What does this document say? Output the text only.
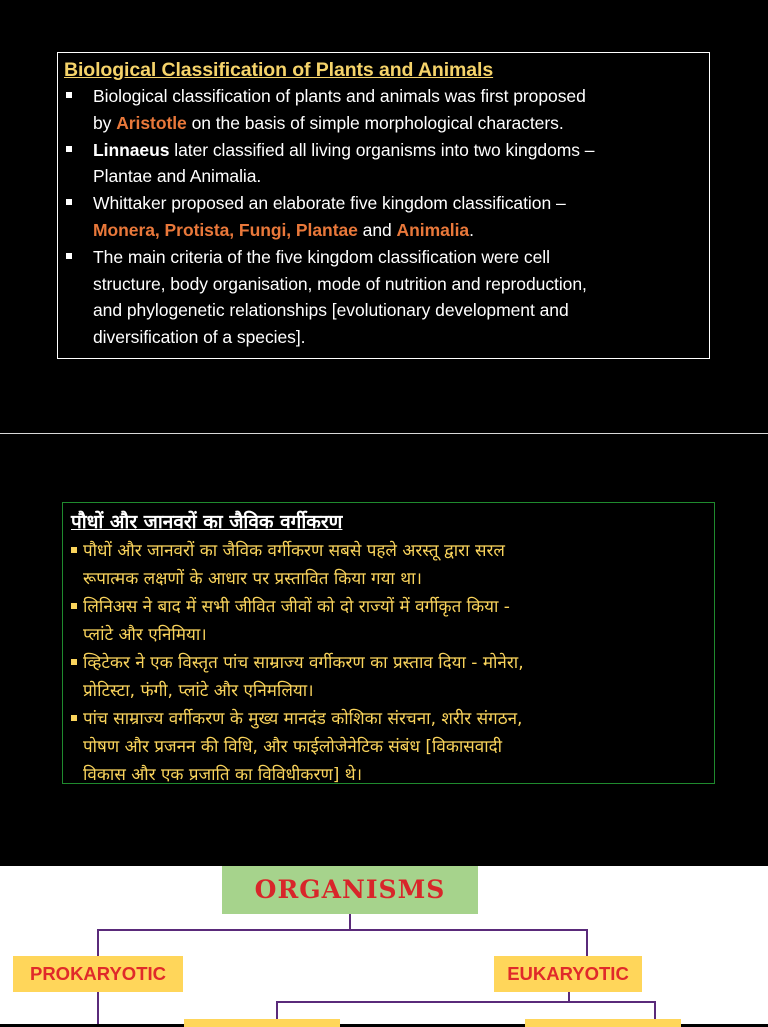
Biological Classification of Plants and Animals
Biological classification of plants and animals was first proposed
by Aristotle on the basis of simple morphological characters.
Linnaeus later classified all living organisms into two kingdoms –
Plantae and Animalia.
Whittaker proposed an elaborate five kingdom classification –
Monera, Protista, Fungi, Plantae and Animalia.
The main criteria of the five kingdom classification were cell
structure, body organisation, mode of nutrition and reproduction,
and phylogenetic relationships [evolutionary development and
diversification of a species].
पौधों और जानवरों का जैविक वर्गीकरण
पौधों और जानवरों का जैविक वर्गीकरण सबसे पहले अरस्तू द्वारा सरल
रूपात्मक लक्षणों के आधार पर प्रस्तावित किया गया था।
लिनिअस ने बाद में सभी जीवित जीवों को दो राज्यों में वर्गीकृत किया -
प्लांटे और एनिमिया।
व्हिटेकर ने एक विस्तृत पांच साम्राज्य वर्गीकरण का प्रस्ताव दिया - मोनेरा,
प्रोटिस्टा, फंगी, प्लांटे और एनिमलिया।
पांच साम्राज्य वर्गीकरण के मुख्य मानदंड कोशिका संरचना, शरीर संगठन,
पोषण और प्रजनन की विधि, और फाईलोजेनेटिक संबंध [विकासवादी
विकास और एक प्रजाति का विविधीकरण] थे।
ORGANISMS
PROKARYOTIC	EUKARYOTIC
